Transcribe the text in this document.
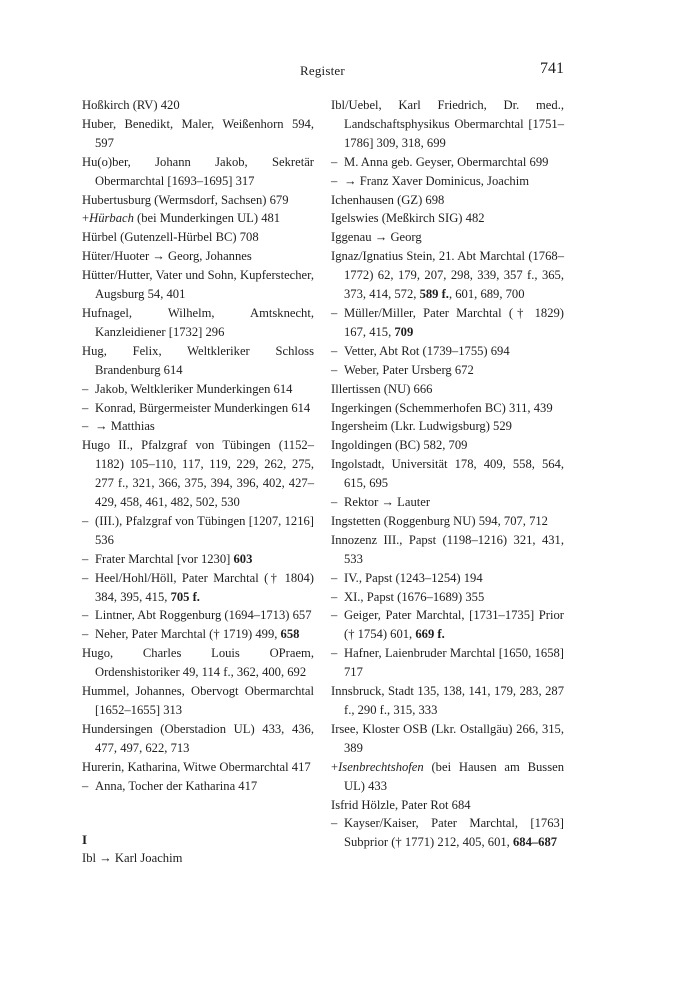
Register	741
Hoßkirch (RV) 420
Huber, Benedikt, Maler, Weißenhorn 594, 597
Hu(o)ber, Johann Jakob, Sekretär Obermarchtal [1693–1695] 317
Hubertusburg (Wermsdorf, Sachsen) 679
+Hürbach (bei Munderkingen UL) 481
Hürbel (Gutenzell-Hürbel BC) 708
Hüter/Huoter → Georg, Johannes
Hütter/Hutter, Vater und Sohn, Kupferstecher, Augsburg 54, 401
Hufnagel, Wilhelm, Amtsknecht, Kanzleidiener [1732] 296
Hug, Felix, Weltkleriker Schloss Brandenburg 614
– Jakob, Weltkleriker Munderkingen 614
– Konrad, Bürgermeister Munderkingen 614
– → Matthias
Hugo II., Pfalzgraf von Tübingen (1152–1182) 105–110, 117, 119, 229, 262, 275, 277 f., 321, 366, 375, 394, 396, 402, 427–429, 458, 461, 482, 502, 530
– (III.), Pfalzgraf von Tübingen [1207, 1216] 536
– Frater Marchtal [vor 1230] 603
– Heel/Hohl/Höll, Pater Marchtal († 1804) 384, 395, 415, 705 f.
– Lintner, Abt Roggenburg (1694–1713) 657
– Neher, Pater Marchtal († 1719) 499, 658
Hugo, Charles Louis OPraem, Ordenshistoriker 49, 114 f., 362, 400, 692
Hummel, Johannes, Obervogt Obermarchtal [1652–1655] 313
Hundersingen (Oberstadion UL) 433, 436, 477, 497, 622, 713
Hurerin, Katharina, Witwe Obermarchtal 417
– Anna, Tocher der Katharina 417
I
Ibl → Karl Joachim
Ibl/Uebel, Karl Friedrich, Dr. med., Landschaftsphysikus Obermarchtal [1751–1786] 309, 318, 699
– M. Anna geb. Geyser, Obermarchtal 699
– → Franz Xaver Dominicus, Joachim
Ichenhausen (GZ) 698
Igelswies (Meßkirch SIG) 482
Iggenau → Georg
Ignaz/Ignatius Stein, 21. Abt Marchtal (1768–1772) 62, 179, 207, 298, 339, 357 f., 365, 373, 414, 572, 589 f., 601, 689, 700
– Müller/Miller, Pater Marchtal († 1829) 167, 415, 709
– Vetter, Abt Rot (1739–1755) 694
– Weber, Pater Ursberg 672
Illertissen (NU) 666
Ingerkingen (Schemmerhofen BC) 311, 439
Ingersheim (Lkr. Ludwigsburg) 529
Ingoldingen (BC) 582, 709
Ingolstadt, Universität 178, 409, 558, 564, 615, 695
– Rektor → Lauter
Ingstetten (Roggenburg NU) 594, 707, 712
Innozenz III., Papst (1198–1216) 321, 431, 533
– IV., Papst (1243–1254) 194
– XI., Papst (1676–1689) 355
– Geiger, Pater Marchtal, [1731–1735] Prior († 1754) 601, 669 f.
– Hafner, Laienbruder Marchtal [1650, 1658] 717
Innsbruck, Stadt 135, 138, 141, 179, 283, 287 f., 290 f., 315, 333
Irsee, Kloster OSB (Lkr. Ostallgäu) 266, 315, 389
+Isenbrechtshofen (bei Hausen am Bussen UL) 433
Isfrid Hölzle, Pater Rot 684
– Kayser/Kaiser, Pater Marchtal, [1763] Subprior († 1771) 212, 405, 601, 684–687
